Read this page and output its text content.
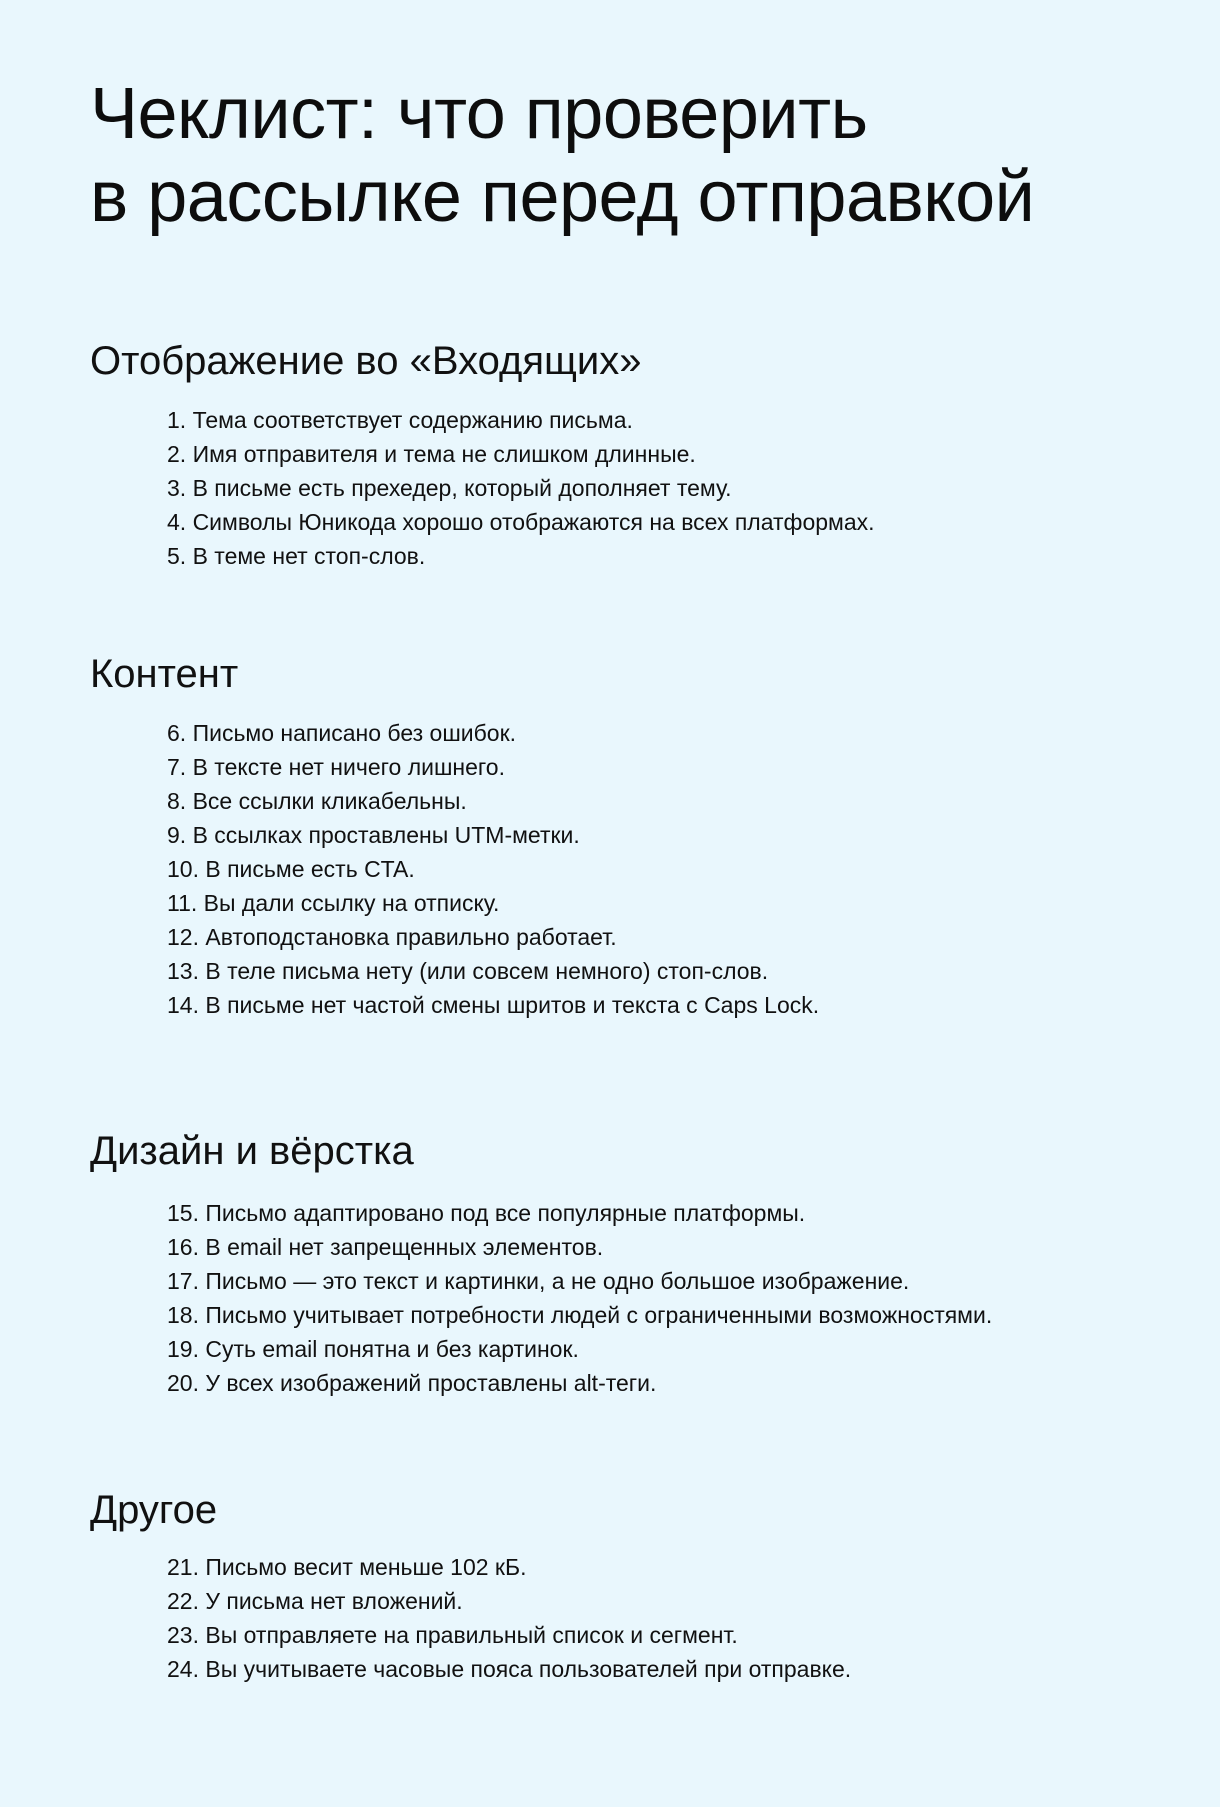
Чеклист: что проверить
в рассылке перед отправкой
Отображение во «Входящих»
1. Тема соответствует содержанию письма.
2. Имя отправителя и тема не слишком длинные.
3. В письме есть прехедер, который дополняет тему.
4. Символы Юникода хорошо отображаются на всех платформах.
5. В теме нет стоп-слов.
Контент
6. Письмо написано без ошибок.
7. В тексте нет ничего лишнего.
8. Все ссылки кликабельны.
9. В ссылках проставлены UTM-метки.
10. В письме есть CTA.
11. Вы дали ссылку на отписку.
12. Автоподстановка правильно работает.
13. В теле письма нету (или совсем немного) стоп-слов.
14. В письме нет частой смены шритов и текста с Caps Lock.
Дизайн и вёрстка
15. Письмо адаптировано под все популярные платформы.
16. В email нет запрещенных элементов.
17. Письмо — это текст и картинки, а не одно большое изображение.
18. Письмо учитывает потребности людей с ограниченными возможностями.
19. Суть email понятна и без картинок.
20. У всех изображений проставлены alt-теги.
Другое
21. Письмо весит меньше 102 кБ.
22. У письма нет вложений.
23. Вы отправляете на правильный список и сегмент.
24. Вы учитываете часовые пояса пользователей при отправке.
